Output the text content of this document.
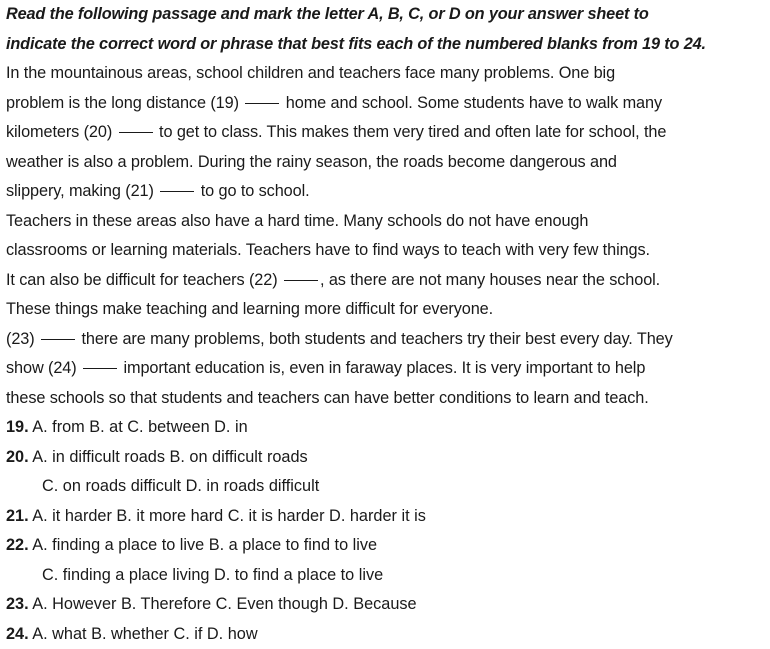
Read the following passage and mark the letter A, B, C, or D on your answer sheet to
indicate the correct word or phrase that best fits each of the numbered blanks from 19 to 24.
In the mountainous areas, school children and teachers face many problems. One big
problem is the long distance (19)	home and school. Some students have to walk many
kilometers (20)	to get to class. This makes them very tired and often late for school, the
weather is also a problem. During the rainy season, the roads become dangerous and
slippery, making (21)	to go to school.
Teachers in these areas also have a hard time. Many schools do not have enough
classrooms or learning materials. Teachers have to find ways to teach with very few things.
It can also be difficult for teachers (22)	, as there are not many houses near the school.
These things make teaching and learning more difficult for everyone.
(23)	there are many problems, both students and teachers try their best every day. They
show (24)	important education is, even in faraway places. It is very important to help
these schools so that students and teachers can have better conditions to learn and teach.
19. A. from B. at C. between D. in
20. A. in difficult roads B. on difficult roads
C. on roads difficult D. in roads difficult
21. A. it harder B. it more hard C. it is harder D. harder it is
22. A. finding a place to live B. a place to find to live
C. finding a place living D. to find a place to live
23. A. However B. Therefore C. Even though D. Because
24. A. what B. whether C. if D. how
